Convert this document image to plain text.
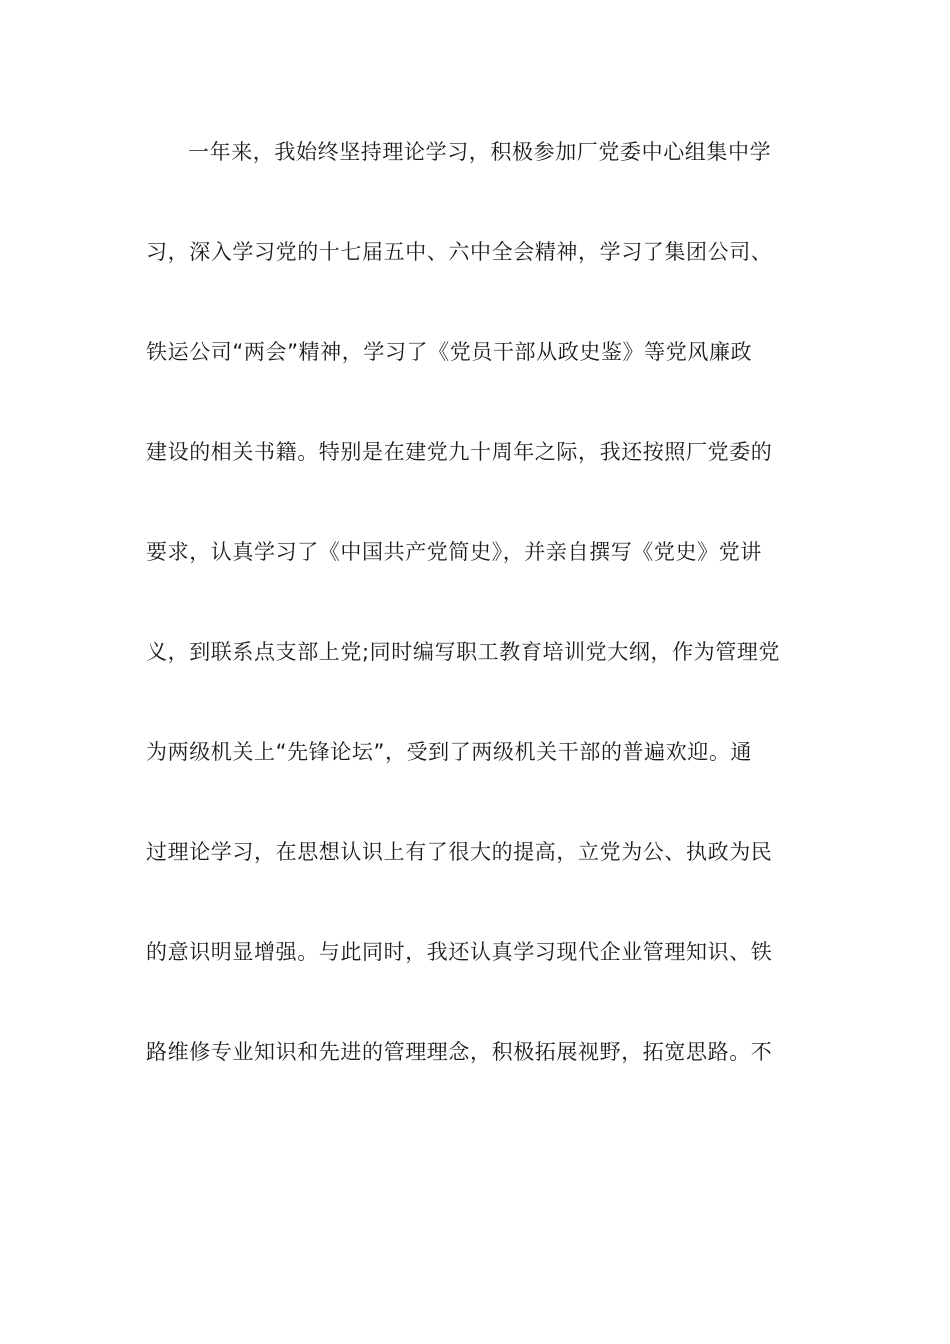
一年来，我始终坚持理论学习，积极参加厂党委中心组集中学
习，深入学习党的十七届五中、六中全会精神，学习了集团公司、
铁运公司“两会”精神，学习了《党员干部从政史鉴》等党风廉政
建设的相关书籍。特别是在建党九十周年之际，我还按照厂党委的
要求，认真学习了《中国共产党简史》，并亲自撰写《党史》党讲
义，到联系点支部上党;同时编写职工教育培训党大纲，作为管理党
为两级机关上“先锋论坛”，受到了两级机关干部的普遍欢迎。通
过理论学习，在思想认识上有了很大的提高，立党为公、执政为民
的意识明显增强。与此同时，我还认真学习现代企业管理知识、铁
路维修专业知识和先进的管理理念，积极拓展视野，拓宽思路。不
